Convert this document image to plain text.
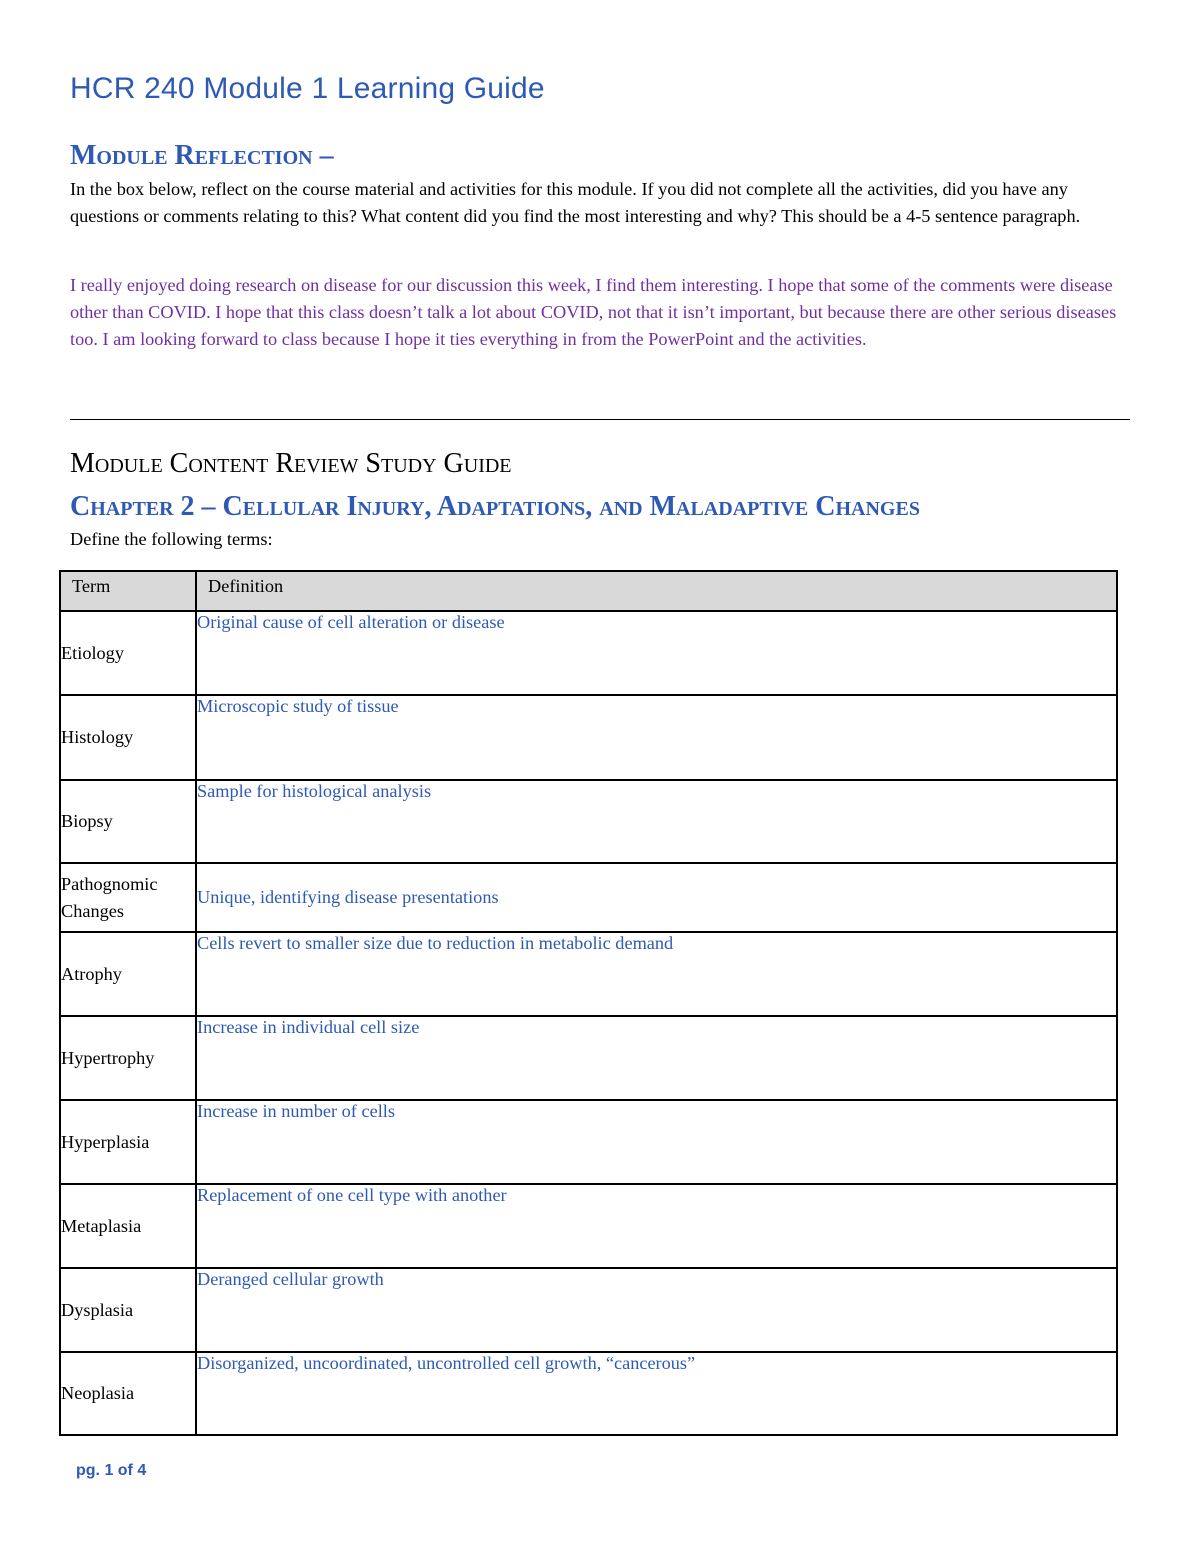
HCR 240 Module 1 Learning Guide
Module Reflection –
In the box below, reflect on the course material and activities for this module. If you did not complete all the activities, did you have any questions or comments relating to this? What content did you find the most interesting and why? This should be a 4-5 sentence paragraph.
I really enjoyed doing research on disease for our discussion this week, I find them interesting. I hope that some of the comments were disease other than COVID. I hope that this class doesn’t talk a lot about COVID, not that it isn’t important, but because there are other serious diseases too. I am looking forward to class because I hope it ties everything in from the PowerPoint and the activities.
Module Content Review Study Guide
Chapter 2 – Cellular Injury, Adaptations, and Maladaptive Changes
Define the following terms:
Term	Definition
Etiology	Original cause of cell alteration or disease
Histology	Microscopic study of tissue
Biopsy	Sample for histological analysis
Pathognomic Changes	Unique, identifying disease presentations
Atrophy	Cells revert to smaller size due to reduction in metabolic demand
Hypertrophy	Increase in individual cell size
Hyperplasia	Increase in number of cells
Metaplasia	Replacement of one cell type with another
Dysplasia	Deranged cellular growth
Neoplasia	Disorganized, uncoordinated, uncontrolled cell growth, “cancerous”
pg. 1 of 4
